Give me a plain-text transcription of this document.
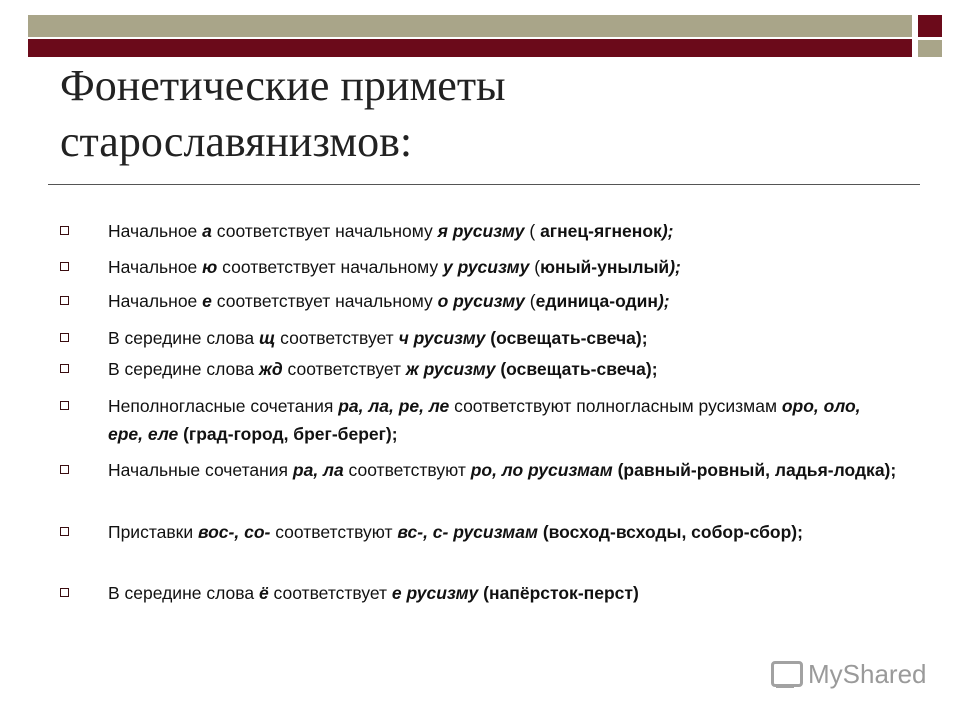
Фонетические приметы
старославянизмов:
Начальное а соответствует начальному я русизму ( агнец-ягненок);
Начальное ю соответствует начальному у русизму (юный-унылый);
Начальное е соответствует начальному о русизму (единица-один);
В середине слова щ соответствует ч русизму (освещать-свеча);
В середине слова жд соответствует ж русизму (освещать-свеча);
Неполногласные сочетания ра, ла, ре, ле соответствуют полногласным русизмам оро, оло, ере, еле (град-город, брег-берег);
Начальные сочетания ра, ла соответствуют ро, ло русизмам (равный-ровный, ладья-лодка);
Приставки вос-, со- соответствуют вс-, с- русизмам (восход-всходы, собор-сбор);
В середине слова ё соответствует е русизму (напёрсток-перст)
MyShared
